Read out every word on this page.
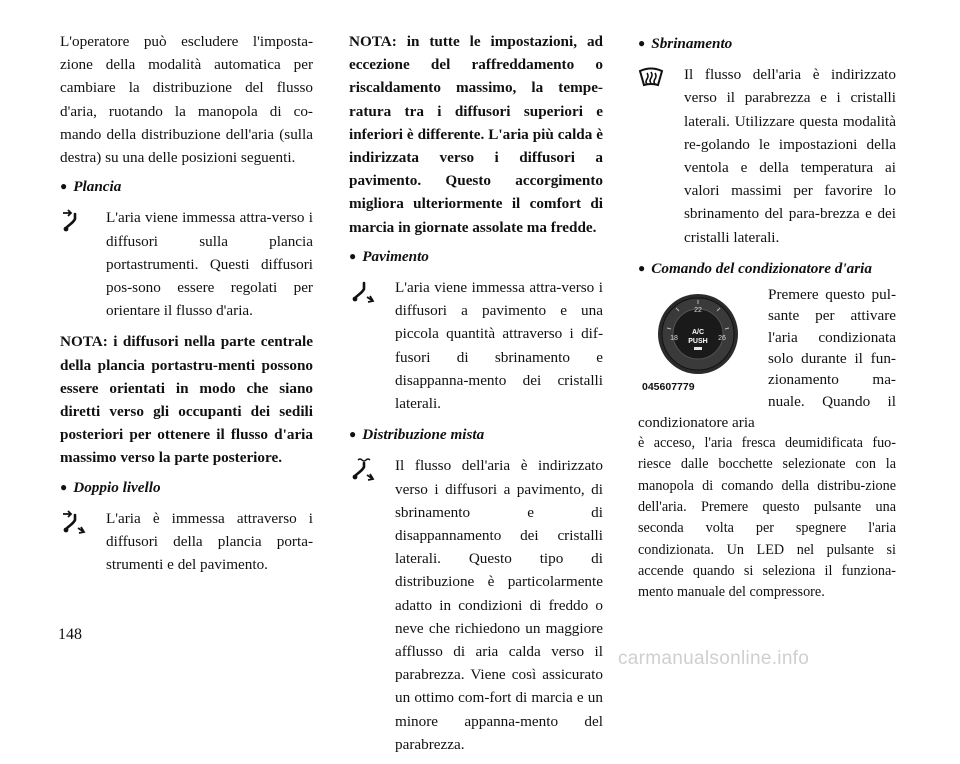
L'operatore può escludere l'imposta-zione della modalità automatica per cambiare la distribuzione del flusso d'aria, ruotando la manopola di co-mando della distribuzione dell'aria (sulla destra) su una delle posizioni seguenti.

● Plancia
L'aria viene immessa attra-verso i diffusori sulla plancia portastrumenti. Questi diffusori pos-sono essere regolati per orientare il flusso d'aria.

NOTA: i diffusori nella parte centrale della plancia portastru-menti possono essere orientati in modo che siano diretti verso gli occupanti dei sedili posteriori per ottenere il flusso d'aria massimo verso la parte posteriore.

● Doppio livello
L'aria è immessa attraverso i diffusori della plancia porta-strumenti e del pavimento.

NOTA: in tutte le impostazioni, ad eccezione del raffreddamento o riscaldamento massimo, la tempe-ratura tra i diffusori superiori e inferiori è differente. L'aria più calda è indirizzata verso i diffusori a pavimento. Questo accorgimento migliora ulteriormente il comfort di marcia in giornate assolate ma fredde.

● Pavimento
L'aria viene immessa attra-verso i diffusori a pavimento e una piccola quantità attraverso i dif-fusori di sbrinamento e disappanna-mento dei cristalli laterali.
● Distribuzione mista
Il flusso dell'aria è indirizzato verso i diffusori a pavimento, di sbrinamento e di disappannamento dei cristalli laterali. Questo tipo di distribuzione è particolarmente adatto in condizioni di freddo o neve che richiedono un maggiore afflusso di aria calda verso il parabrezza. Viene così assicurato un ottimo com-fort di marcia e un minore appanna-mento del parabrezza.
● Sbrinamento
Il flusso dell'aria è indirizzato verso il parabrezza e i cristalli laterali. Utilizzare questa modalità re-golando le impostazioni della ventola e della temperatura ai valori massimi per favorire lo sbrinamento del para-brezza e dei cristalli laterali.
● Comando del condizionatore d'aria
22
18	26
A/C
PUSH
045607779
Premere questo pul-sante per attivare l'aria condizionata solo durante il fun-zionamento ma-nuale. Quando il condizionatore aria
è acceso, l'aria fresca deumidificata fuo-riesce dalle bocchette selezionate con la manopola di comando della distribu-zione dell'aria. Premere questo pulsante una seconda volta per spegnere l'aria condizionata. Un LED nel pulsante si accende quando si seleziona il funziona-mento manuale del compressore.
148
carmanualsonline.info
